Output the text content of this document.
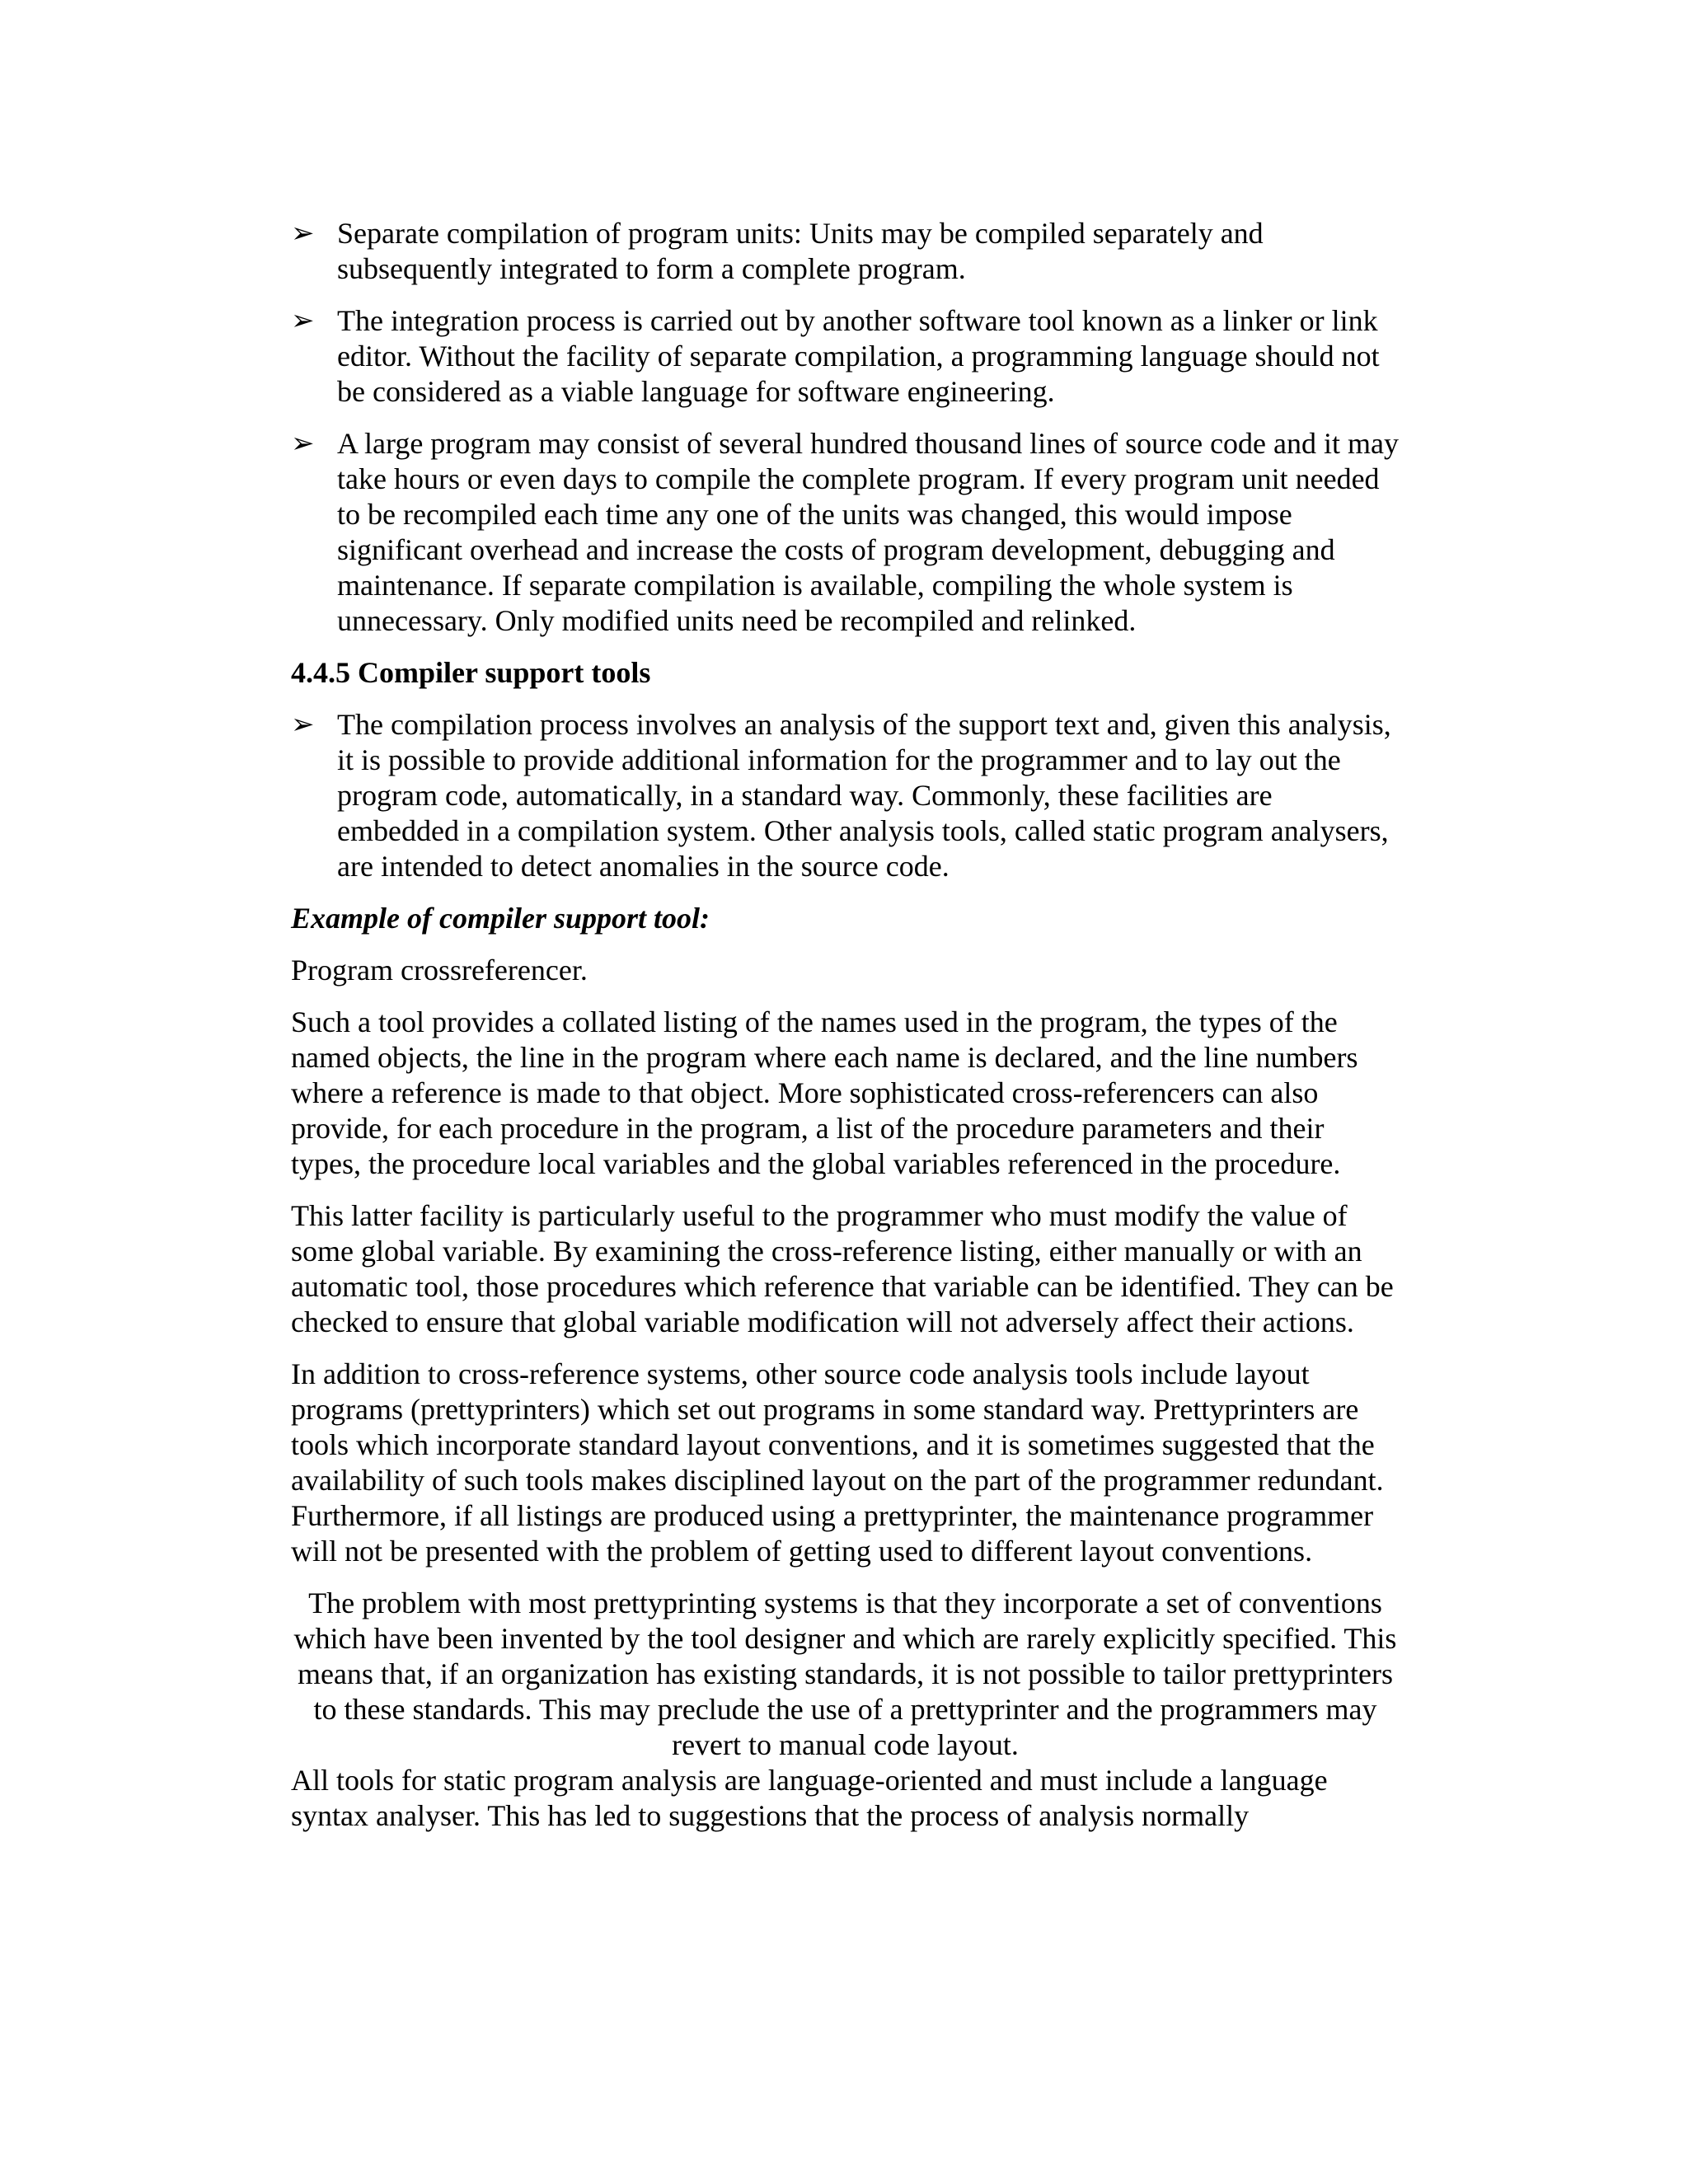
➢ Separate compilation of program units: Units may be compiled separately and subsequently integrated to form a complete program.
➢ The integration process is carried out by another software tool known as a linker or link editor. Without the facility of separate compilation, a programming language should not be considered as a viable language for software engineering.
➢ A large program may consist of several hundred thousand lines of source code and it may take hours or even days to compile the complete program. If every program unit needed to be recompiled each time any one of the units was changed, this would impose significant overhead and increase the costs of program development, debugging and maintenance. If separate compilation is available, compiling the whole system is unnecessary. Only modified units need be recompiled and relinked.
4.4.5 Compiler support tools
➢ The compilation process involves an analysis of the support text and, given this analysis, it is possible to provide additional information for the programmer and to lay out the program code, automatically, in a standard way. Commonly, these facilities are embedded in a compilation system. Other analysis tools, called static program analysers, are intended to detect anomalies in the source code.
Example of compiler support tool:

Program crossreferencer.

Such a tool provides a collated listing of the names used in the program, the types of the named objects, the line in the program where each name is declared, and the line numbers where a reference is made to that object. More sophisticated cross-referencers can also provide, for each procedure in the program, a list of the procedure parameters and their types, the procedure local variables and the global variables referenced in the procedure.

This latter facility is particularly useful to the programmer who must modify the value of some global variable. By examining the cross-reference listing, either manually or with an automatic tool, those procedures which reference that variable can be identified. They can be checked to ensure that global variable modification will not adversely affect their actions.

In addition to cross-reference systems, other source code analysis tools include layout programs (prettyprinters) which set out programs in some standard way. Prettyprinters are tools which incorporate standard layout conventions, and it is sometimes suggested that the availability of such tools makes disciplined layout on the part of the programmer redundant. Furthermore, if all listings are produced using a prettyprinter, the maintenance programmer will not be presented with the problem of getting used to different layout conventions.

The problem with most prettyprinting systems is that they incorporate a set of conventions which have been invented by the tool designer and which are rarely explicitly specified. This means that, if an organization has existing standards, it is not possible to tailor prettyprinters to these standards. This may preclude the use of a prettyprinter and the programmers may revert to manual code layout.

All tools for static program analysis are language-oriented and must include a language syntax analyser. This has led to suggestions that the process of analysis normally
